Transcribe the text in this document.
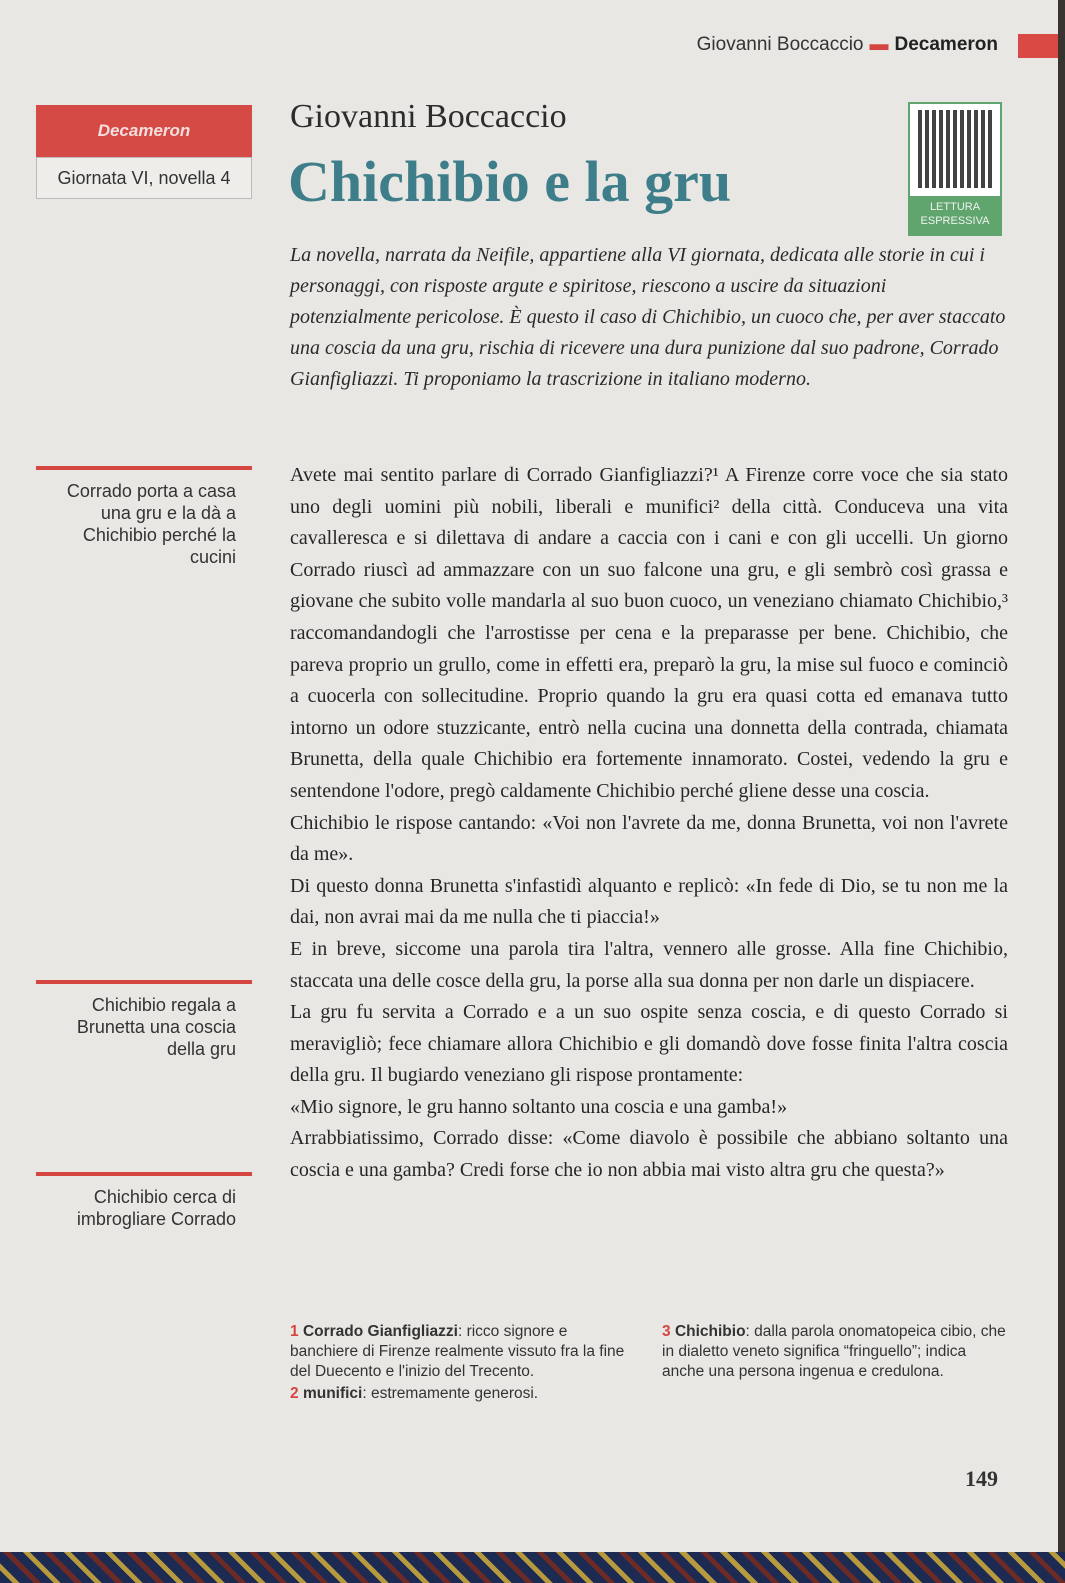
Giovanni Boccaccio ▬ Decameron
Decameron
Giornata VI, novella 4
Giovanni Boccaccio
Chichibio e la gru	LETTURA ESPRESSIVA

La novella, narrata da Neifile, appartiene alla VI giornata, dedicata alle storie in cui i personaggi, con risposte argute e spiritose, riescono a uscire da situazioni potenzialmente pericolose. È questo il caso di Chichibio, un cuoco che, per aver staccato una coscia da una gru, rischia di ricevere una dura punizione dal suo padrone, Corrado Gianfigliazzi. Ti proponiamo la trascrizione in italiano moderno.

Corrado porta a casa una gru e la dà a Chichibio perché la cucini
Chichibio regala a Brunetta una coscia della gru
Chichibio cerca di imbrogliare Corrado

Avete mai sentito parlare di Corrado Gianfigliazzi?¹ A Firenze corre voce che sia stato uno degli uomini più nobili, liberali e munifici² della città. Conduceva una vita cavalleresca e si dilettava di andare a caccia con i cani e con gli uccelli. Un giorno Corrado riuscì ad ammazzare con un suo falcone una gru, e gli sembrò così grassa e giovane che subito volle mandarla al suo buon cuoco, un veneziano chiamato Chichibio,³ raccomandandogli che l'arrostisse per cena e la preparasse per bene. Chichibio, che pareva proprio un grullo, come in effetti era, preparò la gru, la mise sul fuoco e cominciò a cuocerla con sollecitudine. Proprio quando la gru era quasi cotta ed emanava tutto intorno un odore stuzzicante, entrò nella cucina una donnetta della contrada, chiamata Brunetta, della quale Chichibio era fortemente innamorato. Costei, vedendo la gru e sentendone l'odore, pregò caldamente Chichibio perché gliene desse una coscia.

Chichibio le rispose cantando: «Voi non l'avrete da me, donna Brunetta, voi non l'avrete da me».

Di questo donna Brunetta s'infastidì alquanto e replicò: «In fede di Dio, se tu non me la dai, non avrai mai da me nulla che ti piaccia!»

E in breve, siccome una parola tira l'altra, vennero alle grosse. Alla fine Chichibio, staccata una delle cosce della gru, la porse alla sua donna per non darle un dispiacere.

La gru fu servita a Corrado e a un suo ospite senza coscia, e di questo Corrado si meravigliò; fece chiamare allora Chichibio e gli domandò dove fosse finita l'altra coscia della gru. Il bugiardo veneziano gli rispose prontamente:

«Mio signore, le gru hanno soltanto una coscia e una gamba!»

Arrabbiatissimo, Corrado disse: «Come diavolo è possibile che abbiano soltanto una coscia e una gamba? Credi forse che io non abbia mai visto altra gru che questa?»

1 Corrado Gianfigliazzi: ricco signore e banchiere di Firenze realmente vissuto fra la fine del Duecento e l'inizio del Trecento.

2 munifici: estremamente generosi.

3 Chichibio: dalla parola onomatopeica cibio, che in dialetto veneto significa “fringuello”; indica anche una persona ingenua e credulona.

149
